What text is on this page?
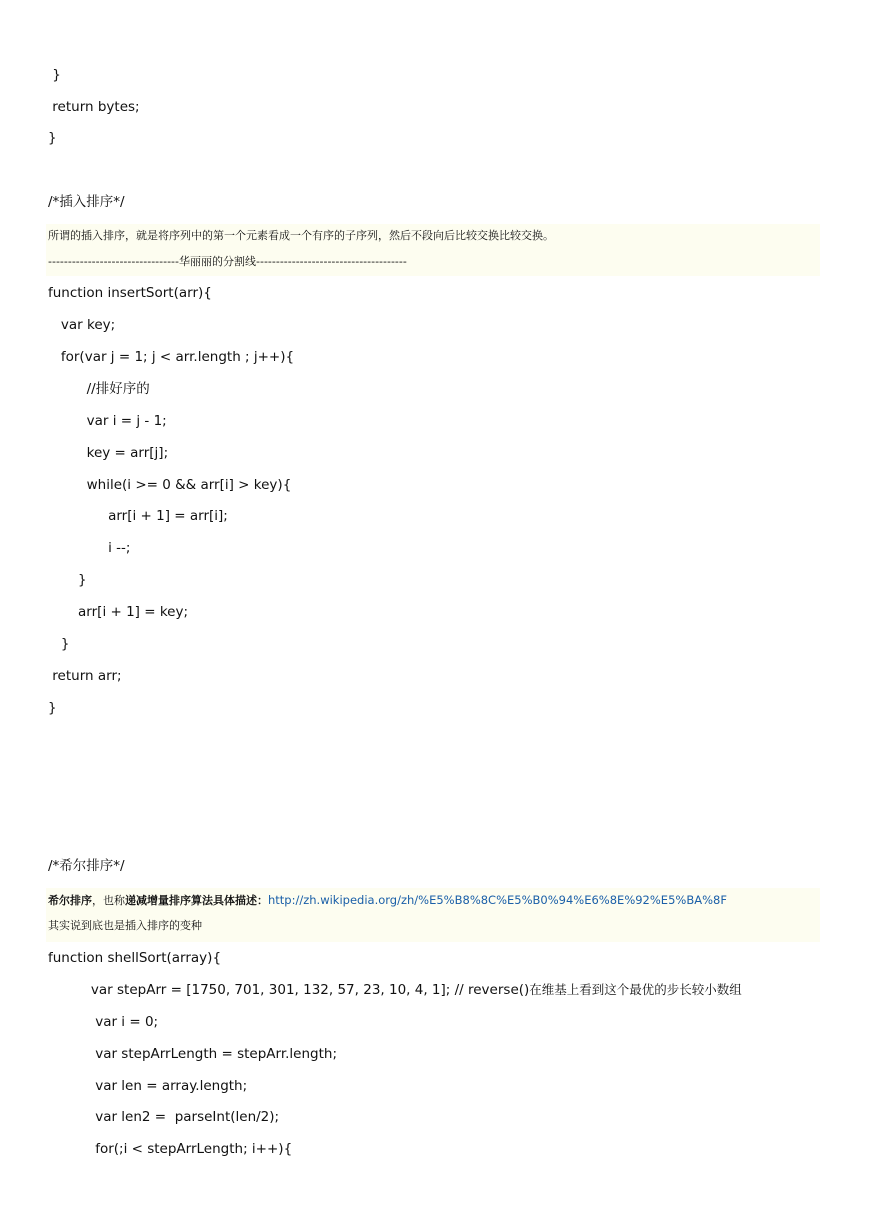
}
return bytes;
}
/*插入排序*/
所谓的插入排序，就是将序列中的第一个元素看成一个有序的子序列，然后不段向后比较交换比较交换。
---------------------------------华丽丽的分割线--------------------------------------
function insertSort(arr){
var key;
for(var j = 1; j < arr.length ; j++){
//排好序的
var i = j - 1;
key = arr[j];
while(i >= 0 && arr[i] > key){
arr[i + 1] = arr[i];
i --;
}
arr[i + 1] = key;
}
return arr;
}
/*希尔排序*/
希尔排序，也称递减增量排序算法具体描述：http://zh.wikipedia.org/zh/%E5%B8%8C%E5%B0%94%E6%8E%92%E5%BA%8F
其实说到底也是插入排序的变种
function shellSort(array){
var stepArr = [1750, 701, 301, 132, 57, 23, 10, 4, 1]; // reverse()在维基上看到这个最优的步长较小数组
var i = 0;
var stepArrLength = stepArr.length;
var len = array.length;
var len2 =  parseInt(len/2);
for(;i < stepArrLength; i++){
